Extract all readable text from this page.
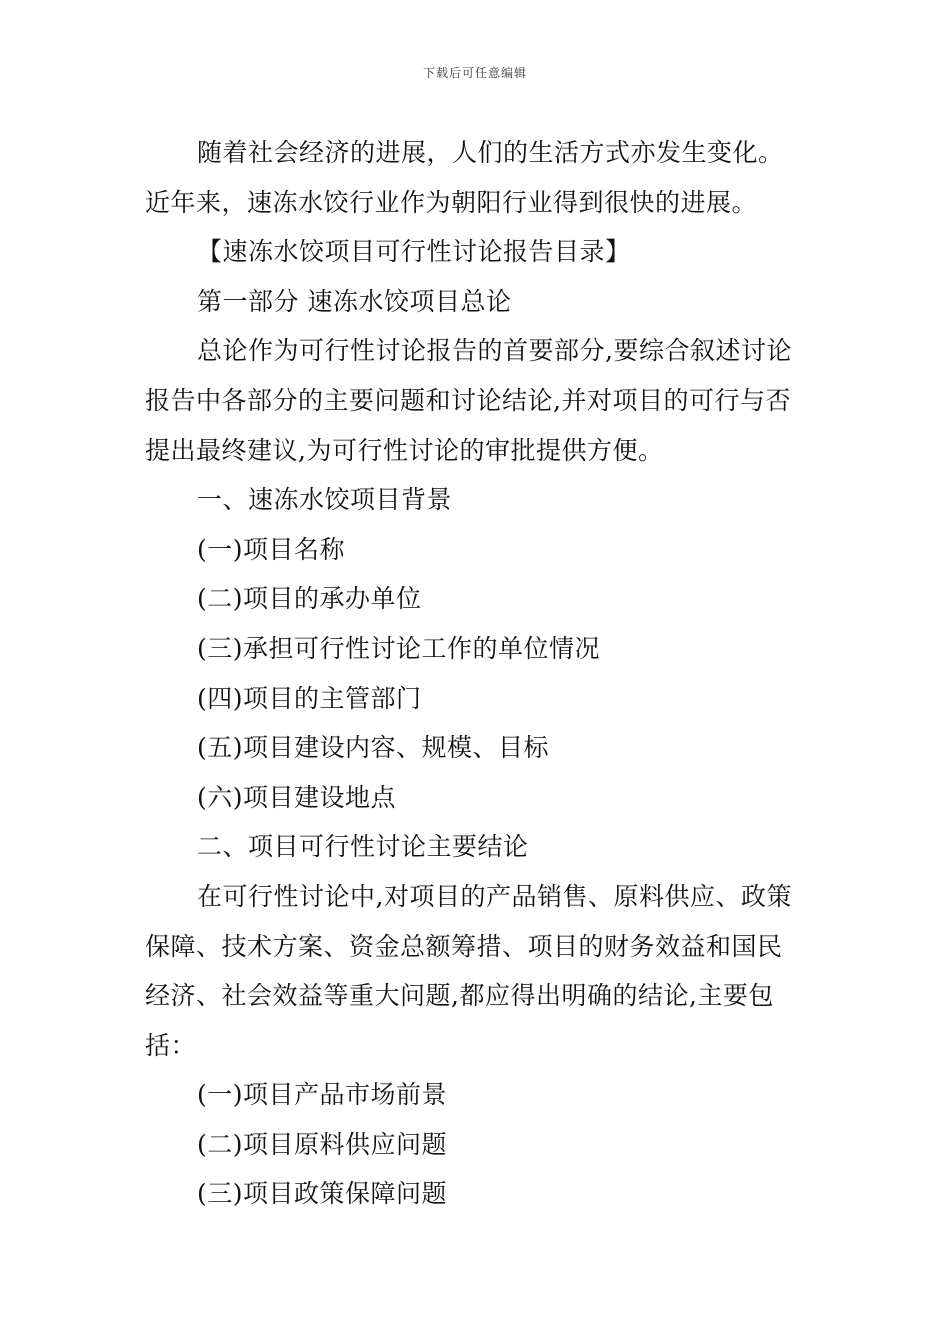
下载后可任意编辑
随着社会经济的进展，人们的生活方式亦发生变化。
近年来，速冻水饺行业作为朝阳行业得到很快的进展。
【速冻水饺项目可行性讨论报告目录】
第一部分 速冻水饺项目总论
总论作为可行性讨论报告的首要部分,要综合叙述讨论
报告中各部分的主要问题和讨论结论,并对项目的可行与否
提出最终建议,为可行性讨论的审批提供方便。
一、速冻水饺项目背景
(一)项目名称
(二)项目的承办单位
(三)承担可行性讨论工作的单位情况
(四)项目的主管部门
(五)项目建设内容、规模、目标
(六)项目建设地点
二、项目可行性讨论主要结论
在可行性讨论中,对项目的产品销售、原料供应、政策
保障、技术方案、资金总额筹措、项目的财务效益和国民
经济、社会效益等重大问题,都应得出明确的结论,主要包
括：
(一)项目产品市场前景
(二)项目原料供应问题
(三)项目政策保障问题
